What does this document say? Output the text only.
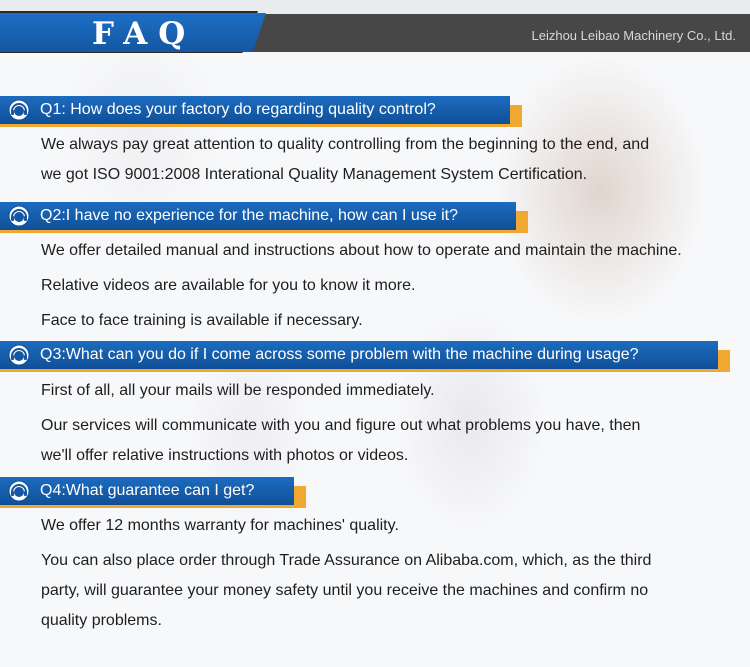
FAQ	Leizhou Leibao Machinery Co., Ltd.
Q1: How does your factory do regarding quality control?
We always pay great attention to quality controlling from the beginning to the end, and
we got ISO 9001:2008 Interational Quality Management System Certification.
Q2:I have no experience for the machine, how can I use it?
We offer detailed manual and instructions about how to operate and maintain the machine.
Relative videos are available for you to know it more.
Face to face training is available if necessary.
Q3:What can you do if I come across some problem with the machine during usage?
First of all, all your mails will be responded immediately.
Our services will communicate with you and figure out what problems you have, then
we'll offer relative instructions with photos or videos.
Q4:What guarantee can I get?
We offer 12 months warranty for machines' quality.
You can also place order through Trade Assurance on Alibaba.com, which, as the third
party, will guarantee your money safety until you receive the machines and confirm no
quality problems.
